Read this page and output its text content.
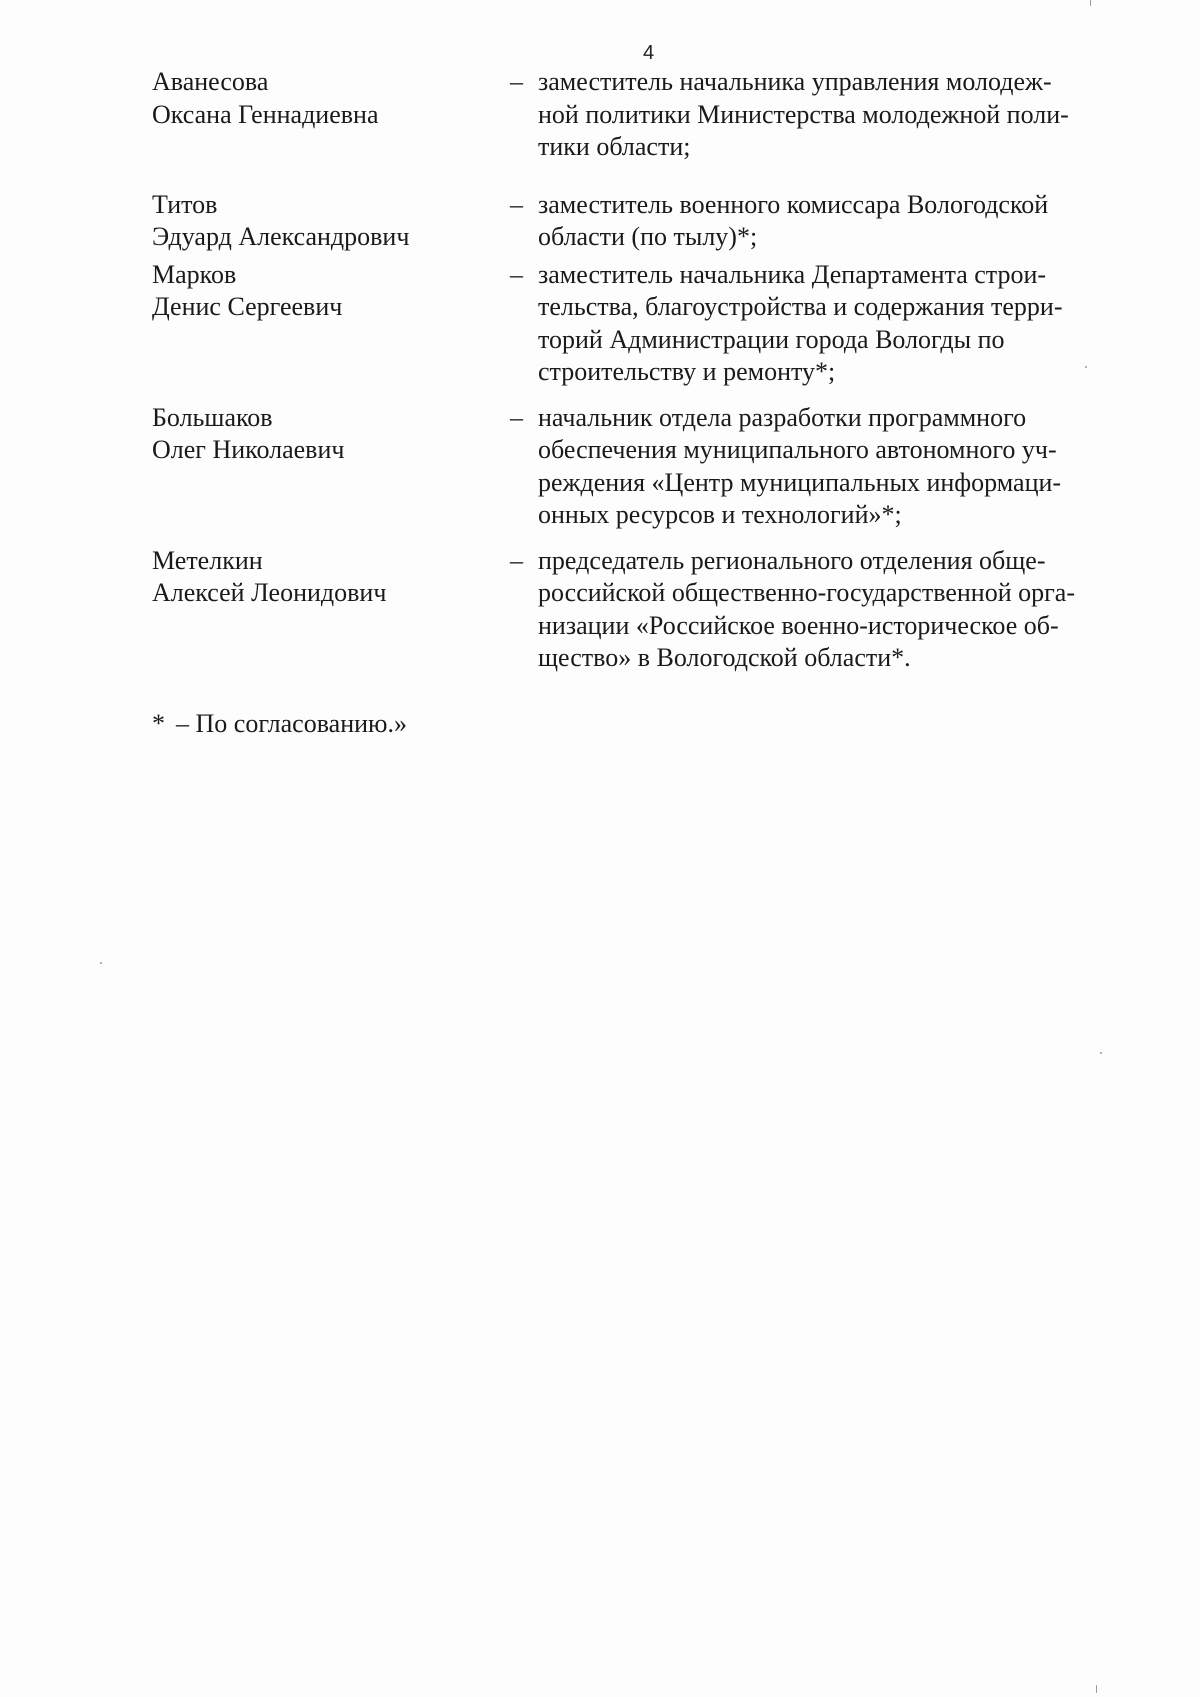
4
Аванесова
Оксана Геннадиевна
– заместитель начальника управления молодеж-
ной политики Министерства молодежной поли-
тики области;
Титов
Эдуард Александрович
– заместитель военного комиссара Вологодской
области (по тылу)*;
Марков
Денис Сергеевич
– заместитель начальника Департамента строи-
тельства, благоустройства и содержания терри-
торий Администрации города Вологды по
строительству и ремонту*;
Большаков
Олег Николаевич
– начальник отдела разработки программного
обеспечения муниципального автономного уч-
реждения «Центр муниципальных информаци-
онных ресурсов и технологий»*;
Метелкин
Алексей Леонидович
– председатель регионального отделения обще-
российской общественно-государственной орга-
низации «Российское военно-историческое об-
щество» в Вологодской области*.
* – По согласованию.»
